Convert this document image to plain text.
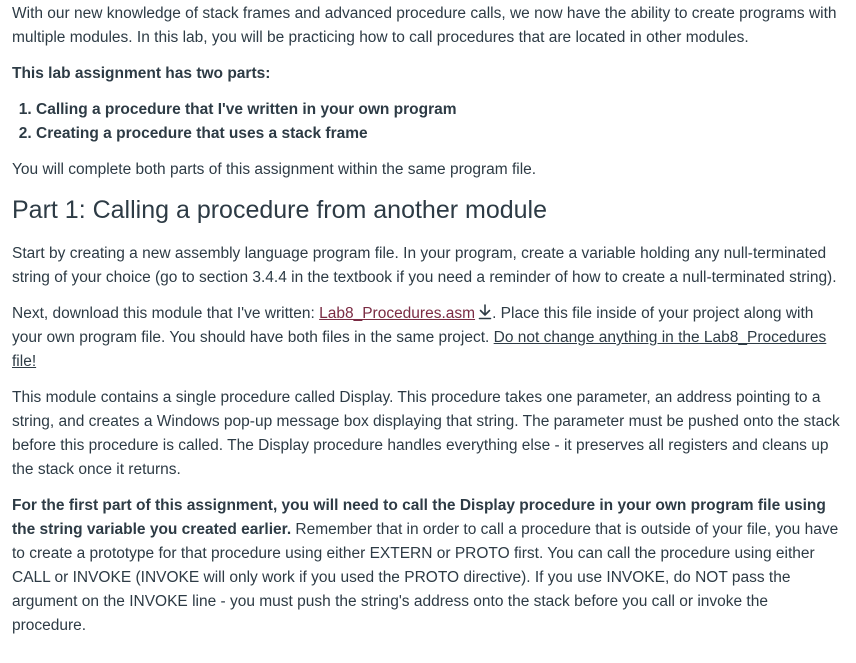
With our new knowledge of stack frames and advanced procedure calls, we now have the ability to create programs with multiple modules. In this lab, you will be practicing how to call procedures that are located in other modules.

This lab assignment has two parts:

1. Calling a procedure that I've written in your own program
2. Creating a procedure that uses a stack frame

You will complete both parts of this assignment within the same program file.

Part 1: Calling a procedure from another module

Start by creating a new assembly language program file. In your program, create a variable holding any null-terminated string of your choice (go to section 3.4.4 in the textbook if you need a reminder of how to create a null-terminated string).

Next, download this module that I've written: Lab8_Procedures.asm . Place this file inside of your project along with your own program file. You should have both files in the same project. Do not change anything in the Lab8_Procedures file!

This module contains a single procedure called Display. This procedure takes one parameter, an address pointing to a string, and creates a Windows pop-up message box displaying that string. The parameter must be pushed onto the stack before this procedure is called. The Display procedure handles everything else - it preserves all registers and cleans up the stack once it returns.

For the first part of this assignment, you will need to call the Display procedure in your own program file using the string variable you created earlier. Remember that in order to call a procedure that is outside of your file, you have to create a prototype for that procedure using either EXTERN or PROTO first. You can call the procedure using either CALL or INVOKE (INVOKE will only work if you used the PROTO directive). If you use INVOKE, do NOT pass the argument on the INVOKE line - you must push the string's address onto the stack before you call or invoke the procedure.
